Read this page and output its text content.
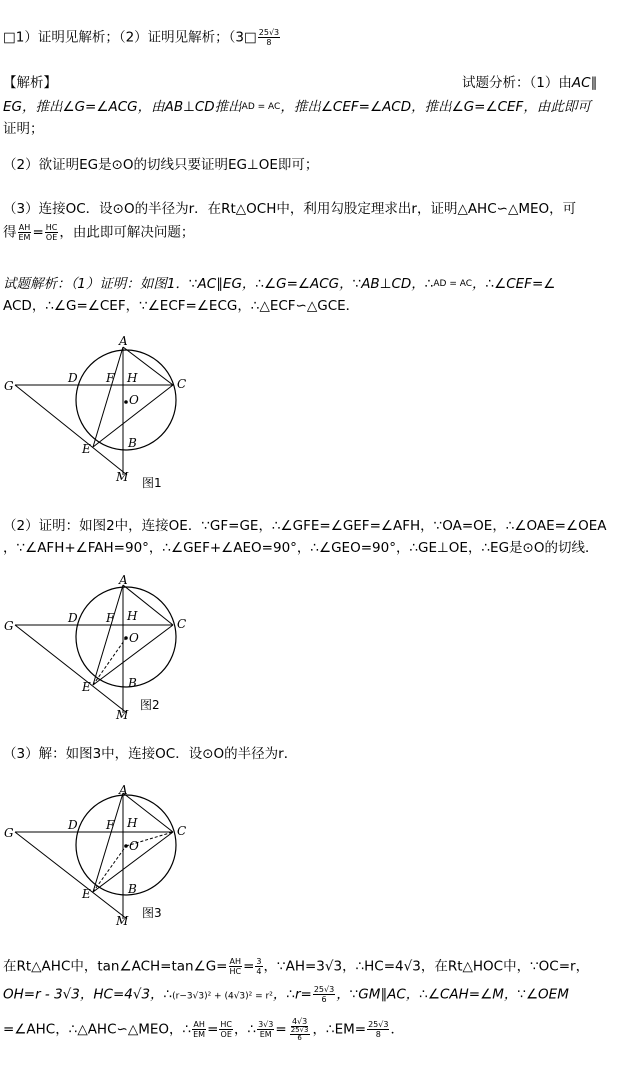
□1）证明见解析；（2）证明见解析；（3□ $\frac{25√3}{8}$
【解析】	试题分析：（1）由AC∥
EG，推出∠G=∠ACG，由AB⊥CD推出AD = AC，推出∠CEF=∠ACD，推出∠G=∠CEF，由此即可
证明；
（2）欲证明EG是⊙O的切线只要证明EG⊥OE即可；
（3）连接OC．设⊙O的半径为r．在Rt△OCH中，利用勾股定理求出r，证明△AHC∽△MEO，可
得 $\frac{AH}{EM} = \frac{HC}{OE}$ ，由此即可解决问题；
试题解析：（1）证明：如图1．∵AC∥EG，∴∠G=∠ACG，∵AB⊥CD，∴AD = AC，∴∠CEF=∠
ACD，∴∠G=∠CEF，∵∠ECF=∠ECG，∴△ECF∽△GCE．
A
G
D F H	C
O
E	B
M 图1
（2）证明：如图2中，连接OE．∵GF=GE，∴∠GFE=∠GEF=∠AFH，∵OA=OE，∴∠OAE=∠OEA
，∵∠AFH+∠FAH=90°，∴∠GEF+∠AEO=90°，∴∠GEO=90°，∴GE⊥OE，∴EG是⊙O的切线．
A
G
D F H
C
O
E	B
M
图2
（3）解：如图3中，连接OC．设⊙O的半径为r．
A
G
D F H
C
O
E	B
M
图3
在Rt△AHC中，tan∠ACH=tan∠G= $\frac{AH}{HC} = \frac{3}{4}$ ，∵AH=3√3，∴HC=4√3，在Rt△HOC中，∵OC=r，
OH=r - 3√3，HC=4√3，∴(r−3√3)² + (4√3)² = r²，∴r= $\frac{25√3}{6}$ ，∵GM∥AC，∴∠CAH=∠M，∵∠OEM
=∠AHC，∴△AHC∽△MEO，∴ $\frac{AH}{EM} = \frac{HC}{OE}$ ，∴ $\frac{3√3}{EM} = \frac{4√3}{\frac{25√3}{6}}$ ，∴EM= $\frac{25√3}{8}$ ．
